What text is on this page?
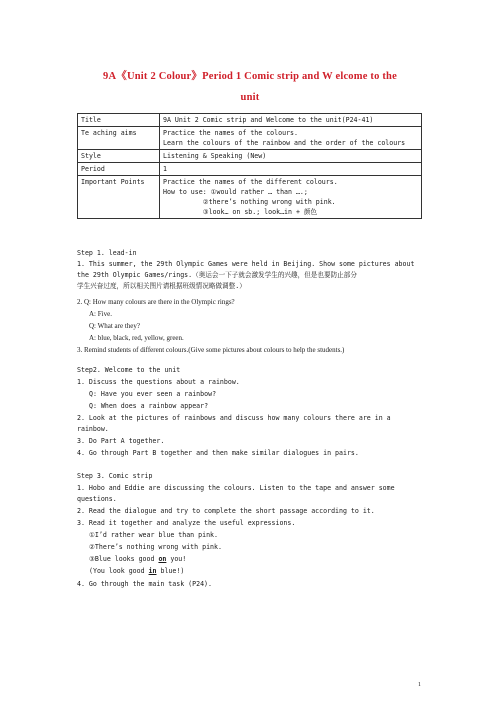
9A《Unit 2 Colour》Period 1 Comic strip and W elcome to the
unit
Title	9A Unit 2 Comic strip and Welcome to the unit(P24-41)

Te aching aims	Practice the names of the colours.
Learn the colours of the rainbow and the order of the colours

Style	Listening & Speaking (New)

Period	1

Important Points	Practice the names of the different colours.
How to use: ①would rather … than ….;
②there’s nothing wrong with pink.
③look… on sb.; look…in + 颜色
Step 1. lead-in
1. This summer, the 29th Olympic Games were held in Beijing. Show some pictures about
the 29th Olympic Games/rings.（奥运会一下子就会激发学生的兴趣，但是也要防止部分
学生兴奋过度，所以相关图片请根据班级情况略做调整.）
2. Q: How many colours are there in the Olympic rings?
A: Five.
Q: What are they?
A: blue, black, red, yellow, green.
3. Remind students of different colours.(Give some pictures about colours to help the students.)
Step2. Welcome to the unit
1. Discuss the questions about a rainbow.
Q: Have you ever seen a rainbow?
Q: When does a rainbow appear?
2. Look at the pictures of rainbows and discuss how many colours there are in a
rainbow.
3. Do Part A together.
4. Go through Part B together and then make similar dialogues in pairs.
Step 3. Comic strip
1. Hobo and Eddie are discussing the colours. Listen to the tape and answer some
questions.
2. Read the dialogue and try to complete the short passage according to it.
3. Read it together and analyze the useful expressions.
①I’d rather wear blue than pink.
②There’s nothing wrong with pink.
③Blue looks good on you!
(You look good in blue!)
4. Go through the main task (P24).
1
